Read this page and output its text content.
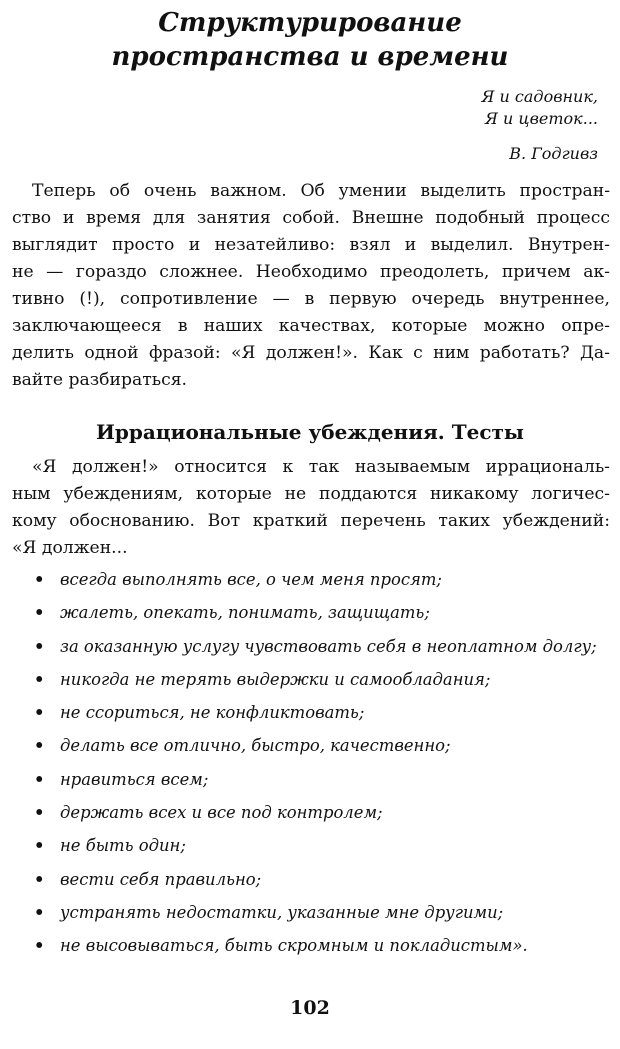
Структурирование
пространства и времени
Я и садовник,
Я и цветок...
В. Годгивз
Теперь об очень важном. Об умении выделить простран-
ство и время для занятия собой. Внешне подобный процесс
выглядит просто и незатейливо: взял и выделил. Внутрен-
не — гораздо сложнее. Необходимо преодолеть, причем ак-
тивно (!), сопротивление — в первую очередь внутреннее,
заключающееся в наших качествах, которые можно опре-
делить одной фразой: «Я должен!». Как с ним работать? Да-
вайте разбираться.
Иррациональные убеждения. Тесты
«Я должен!» относится к так называемым иррациональ-
ным убеждениям, которые не поддаются никакому логичес-
кому обоснованию. Вот краткий перечень таких убеждений:
«Я должен...
• всегда выполнять все, о чем меня просят;
• жалеть, опекать, понимать, защищать;
• за оказанную услугу чувствовать себя в неоплатном долгу;
• никогда не терять выдержки и самообладания;
• не ссориться, не конфликтовать;
• делать все отлично, быстро, качественно;
• нравиться всем;
• держать всех и все под контролем;
• не быть один;
• вести себя правильно;
• устранять недостатки, указанные мне другими;
• не высовываться, быть скромным и покладистым».
102
